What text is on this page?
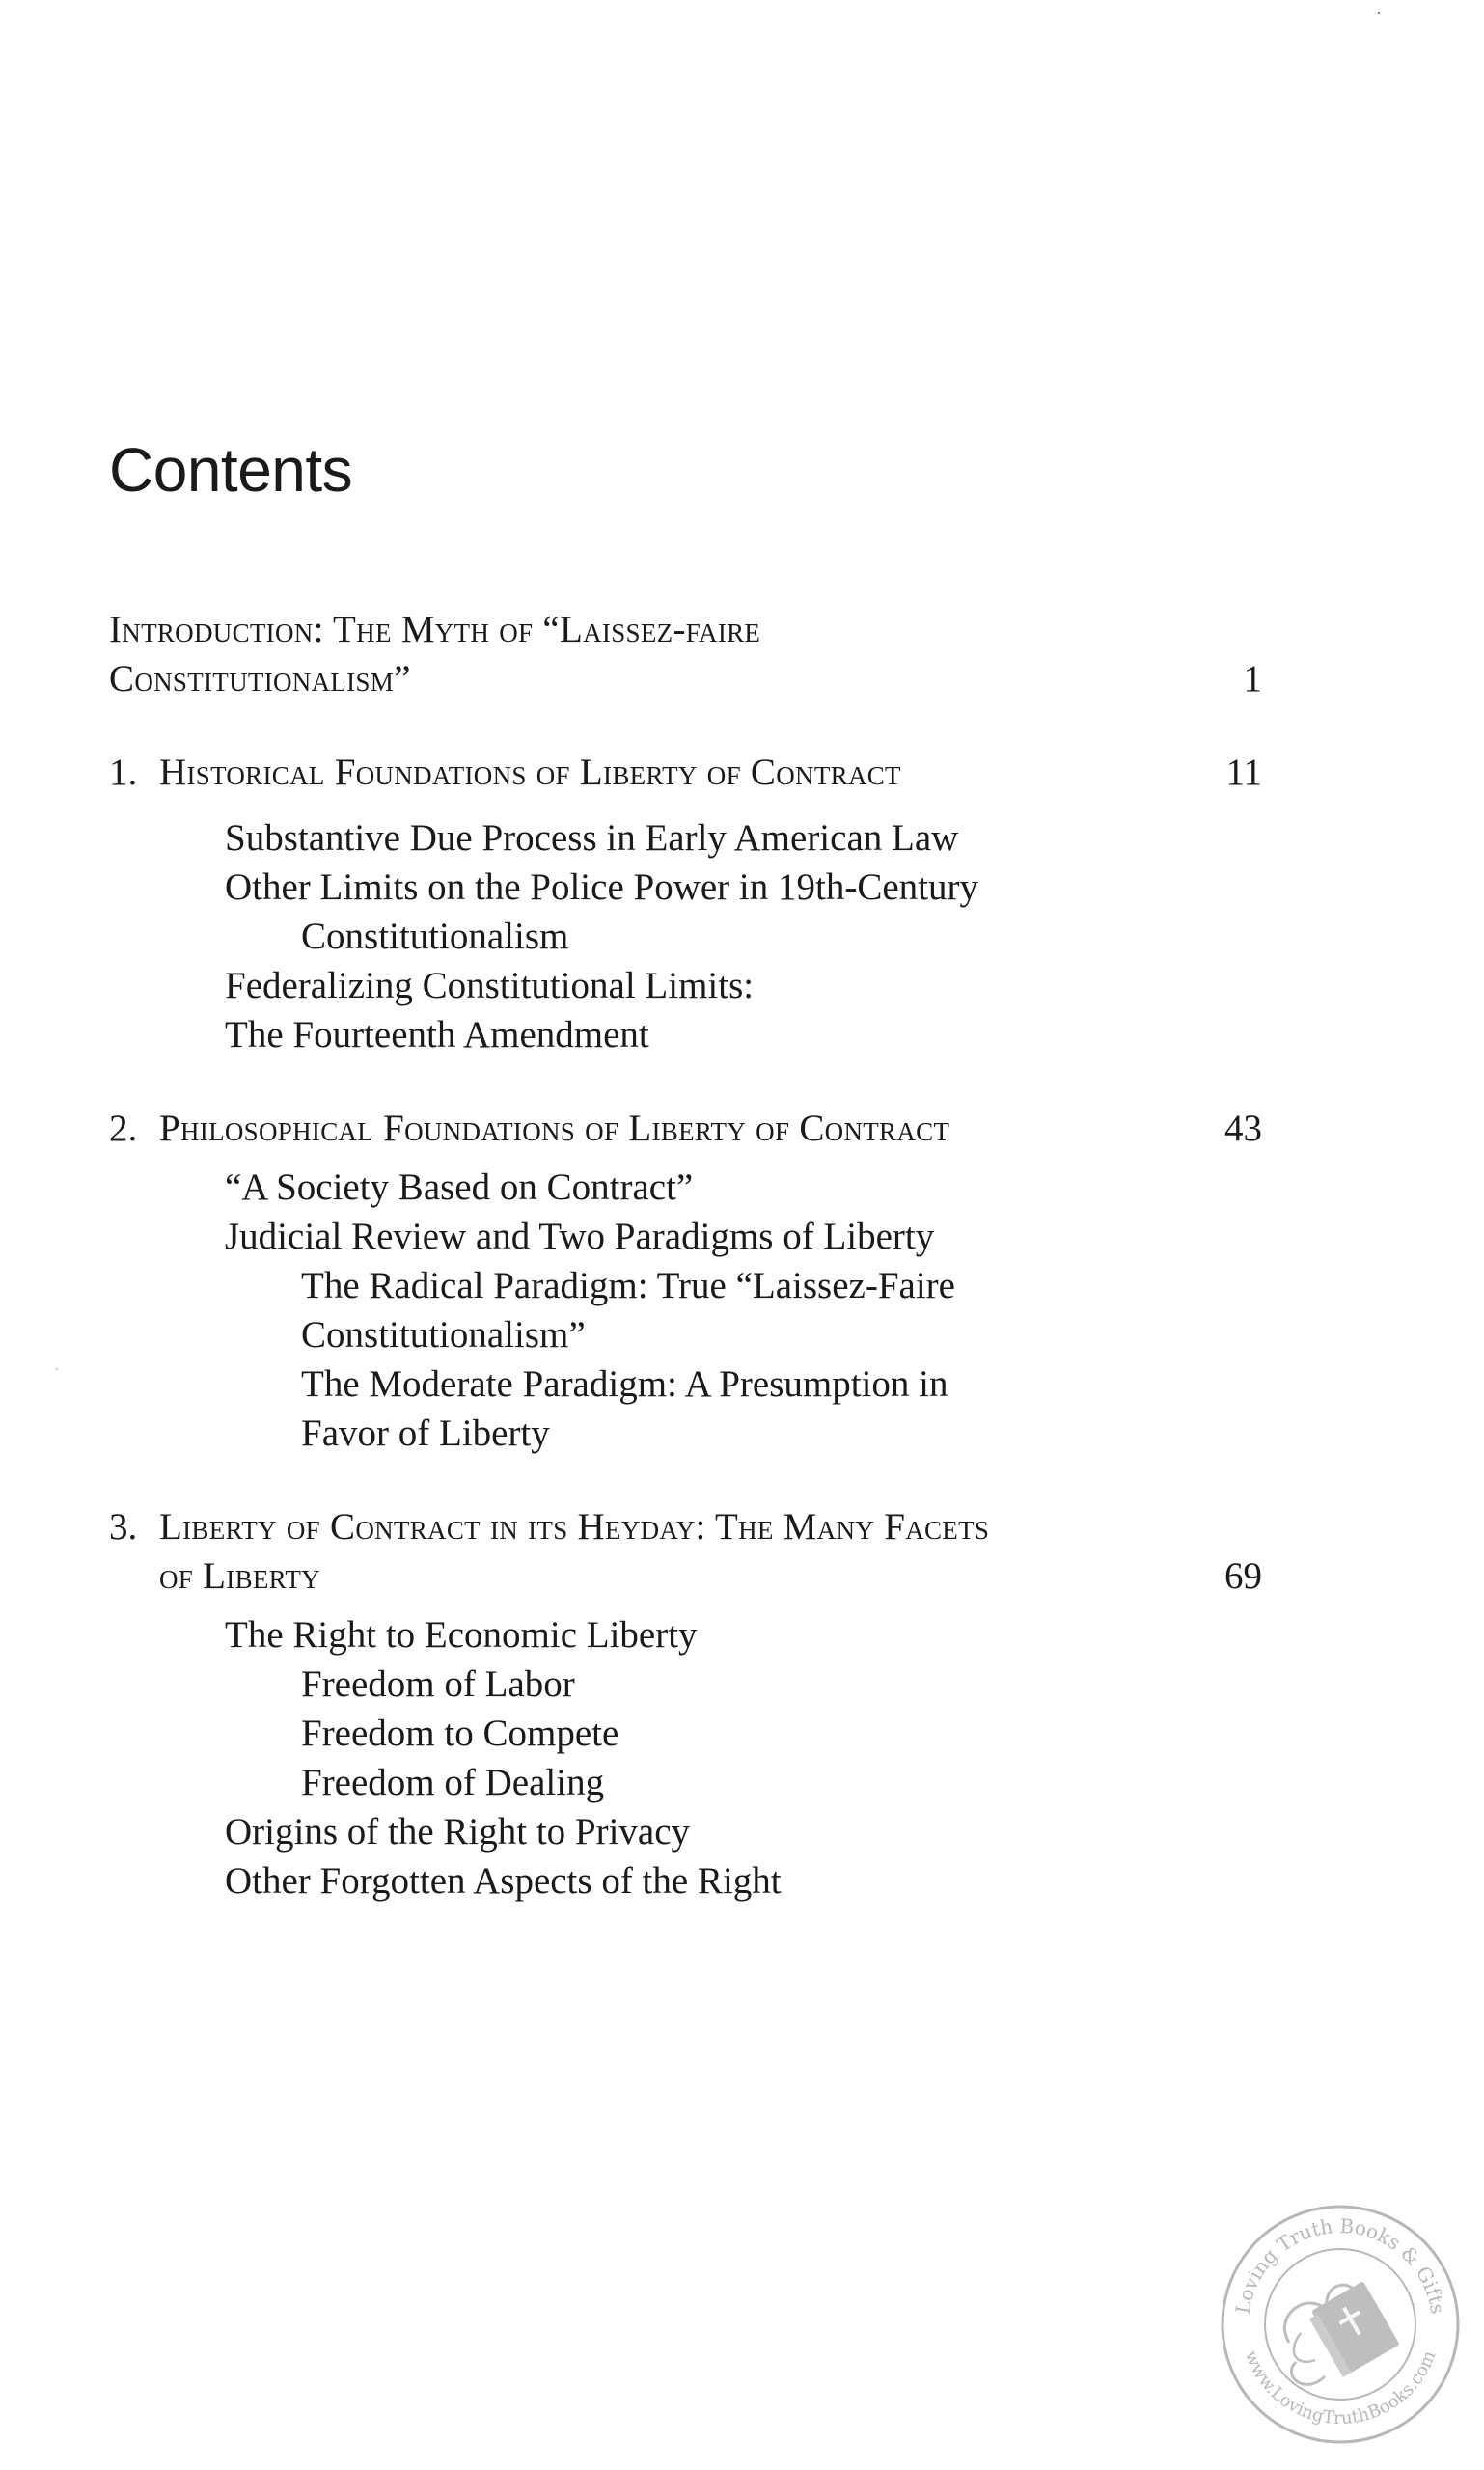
Contents
Introduction: The Myth of “Laissez-faire
Constitutionalism”	1
1. Historical Foundations of Liberty of Contract	11
Substantive Due Process in Early American Law
Other Limits on the Police Power in 19th-Century
Constitutionalism
Federalizing Constitutional Limits:
The Fourteenth Amendment
2. Philosophical Foundations of Liberty of Contract	43
“A Society Based on Contract”
Judicial Review and Two Paradigms of Liberty
The Radical Paradigm: True “Laissez-Faire
Constitutionalism”
The Moderate Paradigm: A Presumption in
Favor of Liberty
3. Liberty of Contract in its Heyday: The Many Facets
of Liberty	69
The Right to Economic Liberty
Freedom of Labor
Freedom to Compete
Freedom of Dealing
Origins of the Right to Privacy
Other Forgotten Aspects of the Right
Loving Truth Books & Gifts
www.LovingTruthBooks.com
